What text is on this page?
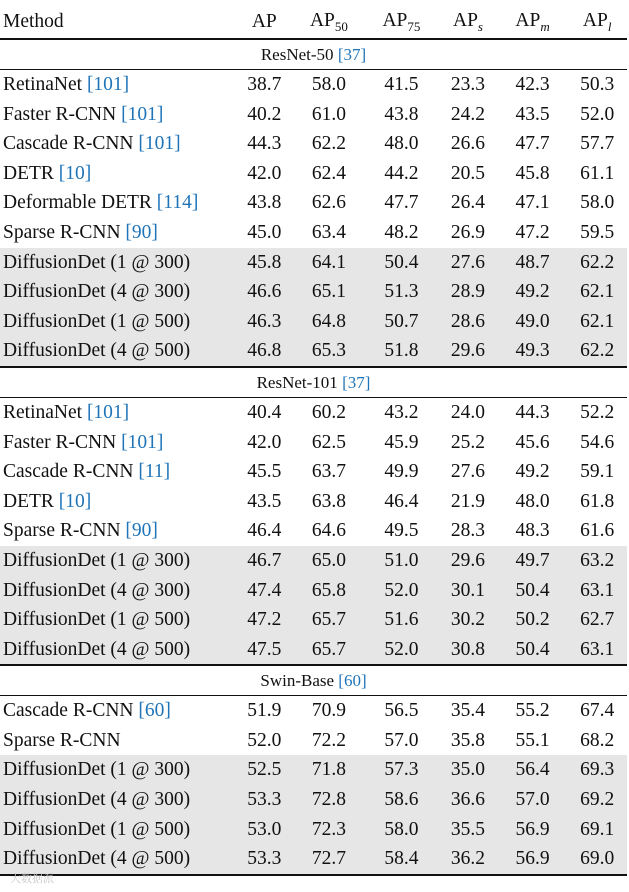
Method	AP	$AP_{50}$	$AP_{75}$	$AP_s$	$AP_m$	$AP_l$
ResNet-50 [37]						
RetinaNet [101]	38.7	58.0	41.5	23.3	42.3	50.3
Faster R-CNN [101]	40.2	61.0	43.8	24.2	43.5	52.0
Cascade R-CNN [101]	44.3	62.2	48.0	26.6	47.7	57.7
DETR [10]	42.0	62.4	44.2	20.5	45.8	61.1
Deformable DETR [114]	43.8	62.6	47.7	26.4	47.1	58.0
Sparse R-CNN [90]	45.0	63.4	48.2	26.9	47.2	59.5
DiffusionDet (1 @ 300)	45.8	64.1	50.4	27.6	48.7	62.2
DiffusionDet (4 @ 300)	46.6	65.1	51.3	28.9	49.2	62.1
DiffusionDet (1 @ 500)	46.3	64.8	50.7	28.6	49.0	62.1
DiffusionDet (4 @ 500)	46.8	65.3	51.8	29.6	49.3	62.2
ResNet-101 [37]						
RetinaNet [101]	40.4	60.2	43.2	24.0	44.3	52.2
Faster R-CNN [101]	42.0	62.5	45.9	25.2	45.6	54.6
Cascade R-CNN [11]	45.5	63.7	49.9	27.6	49.2	59.1
DETR [10]	43.5	63.8	46.4	21.9	48.0	61.8
Sparse R-CNN [90]	46.4	64.6	49.5	28.3	48.3	61.6
DiffusionDet (1 @ 300)	46.7	65.0	51.0	29.6	49.7	63.2
DiffusionDet (4 @ 300)	47.4	65.8	52.0	30.1	50.4	63.1
DiffusionDet (1 @ 500)	47.2	65.7	51.6	30.2	50.2	62.7
DiffusionDet (4 @ 500)	47.5	65.7	52.0	30.8	50.4	63.1
Swin-Base [60]						
Cascade R-CNN [60]	51.9	70.9	56.5	35.4	55.2	67.4
Sparse R-CNN	52.0	72.2	57.0	35.8	55.1	68.2
DiffusionDet (1 @ 300)	52.5	71.8	57.3	35.0	56.4	69.3
DiffusionDet (4 @ 300)	53.3	72.8	58.6	36.6	57.0	69.2
DiffusionDet (1 @ 500)	53.0	72.3	58.0	35.5	56.9	69.1
DiffusionDet (4 @ 500)	53.3	72.7	58.4	36.2	56.9	69.0
大数据派
